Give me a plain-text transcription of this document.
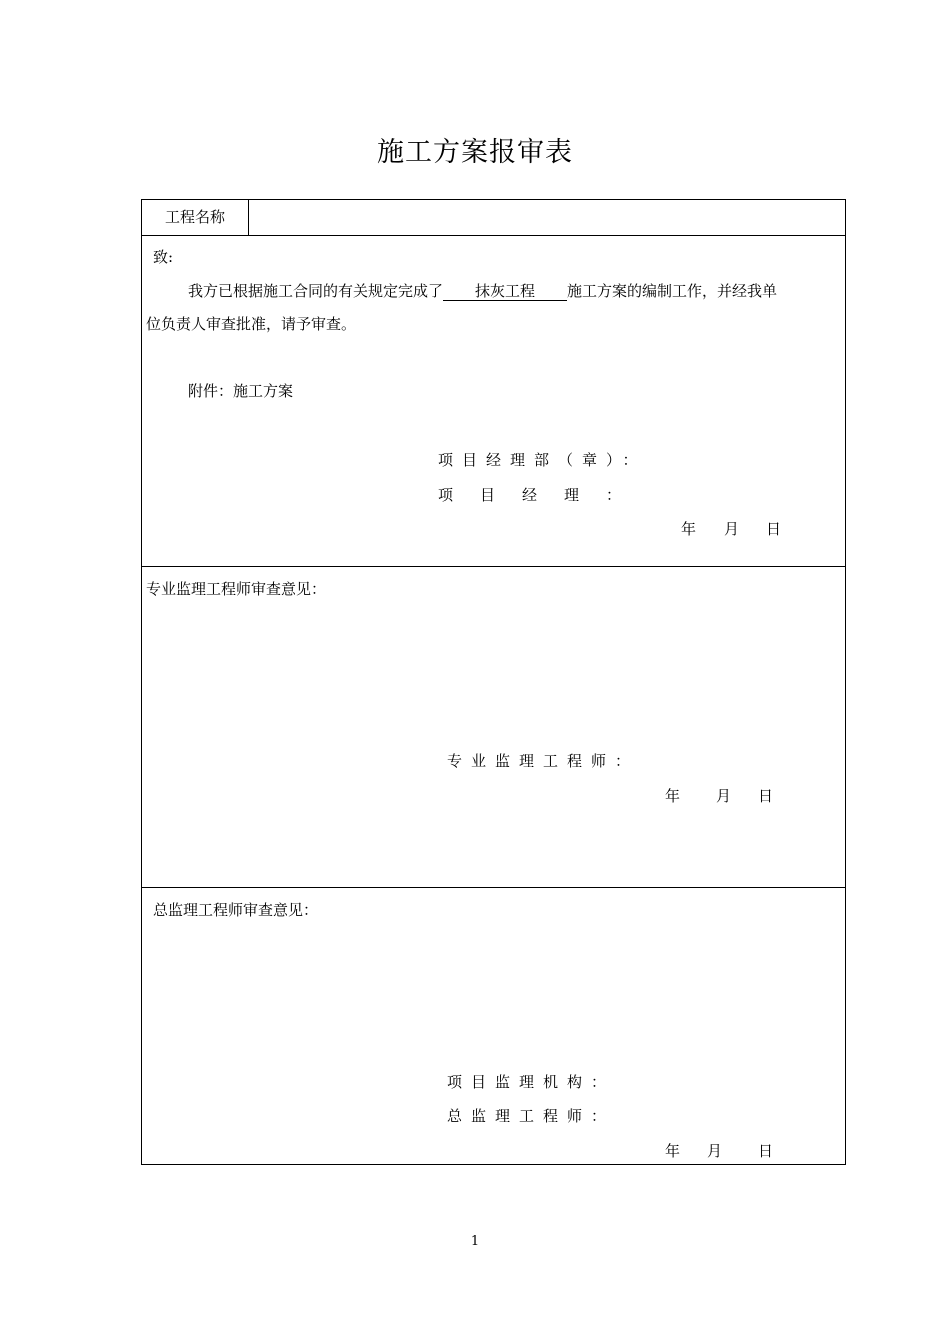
施工方案报审表
工程名称
致:
我方已根据施工合同的有关规定完成了 抹灰工程 施工方案的编制工作，并经我单
位负责人审查批准，请予审查。
附件：施工方案
项目经理部（章）：
项目经理：
年 月 日
专业监理工程师审查意见：
专业监理工程师：
年 月 日
总监理工程师审查意见：
项目监理机构：
总监理工程师：
年 月 日
1
